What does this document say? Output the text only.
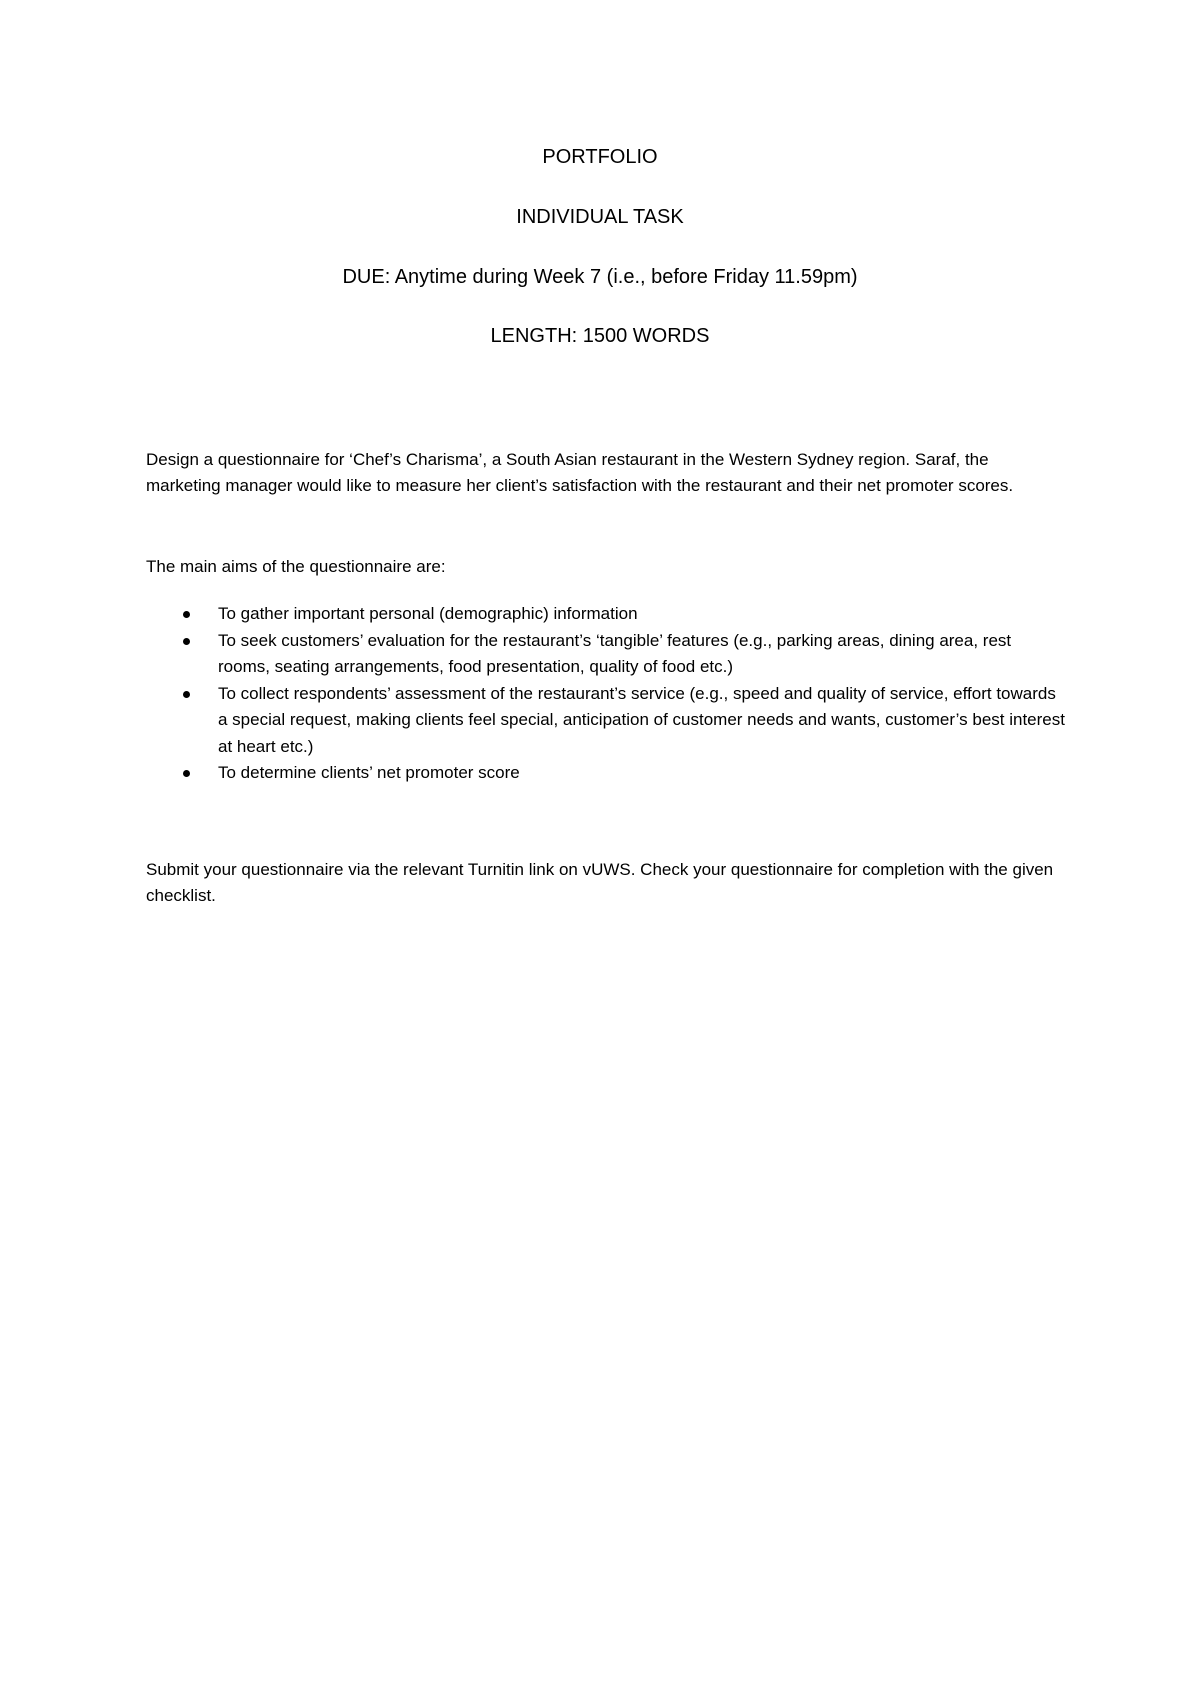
PORTFOLIO

INDIVIDUAL TASK

DUE: Anytime during Week 7 (i.e., before Friday 11.59pm)

LENGTH: 1500 WORDS

Design a questionnaire for ‘Chef’s Charisma’, a South Asian restaurant in the Western Sydney region. Saraf, the marketing manager would like to measure her client’s satisfaction with the restaurant and their net promoter scores.

The main aims of the questionnaire are:

To gather important personal (demographic) information
To seek customers’ evaluation for the restaurant’s ‘tangible’ features (e.g., parking areas, dining area, rest rooms, seating arrangements, food presentation, quality of food etc.)
To collect respondents’ assessment of the restaurant’s service (e.g., speed and quality of service, effort towards a special request, making clients feel special, anticipation of customer needs and wants, customer’s best interest at heart etc.)
To determine clients’ net promoter score

Submit your questionnaire via the relevant Turnitin link on vUWS. Check your questionnaire for completion with the given checklist.
